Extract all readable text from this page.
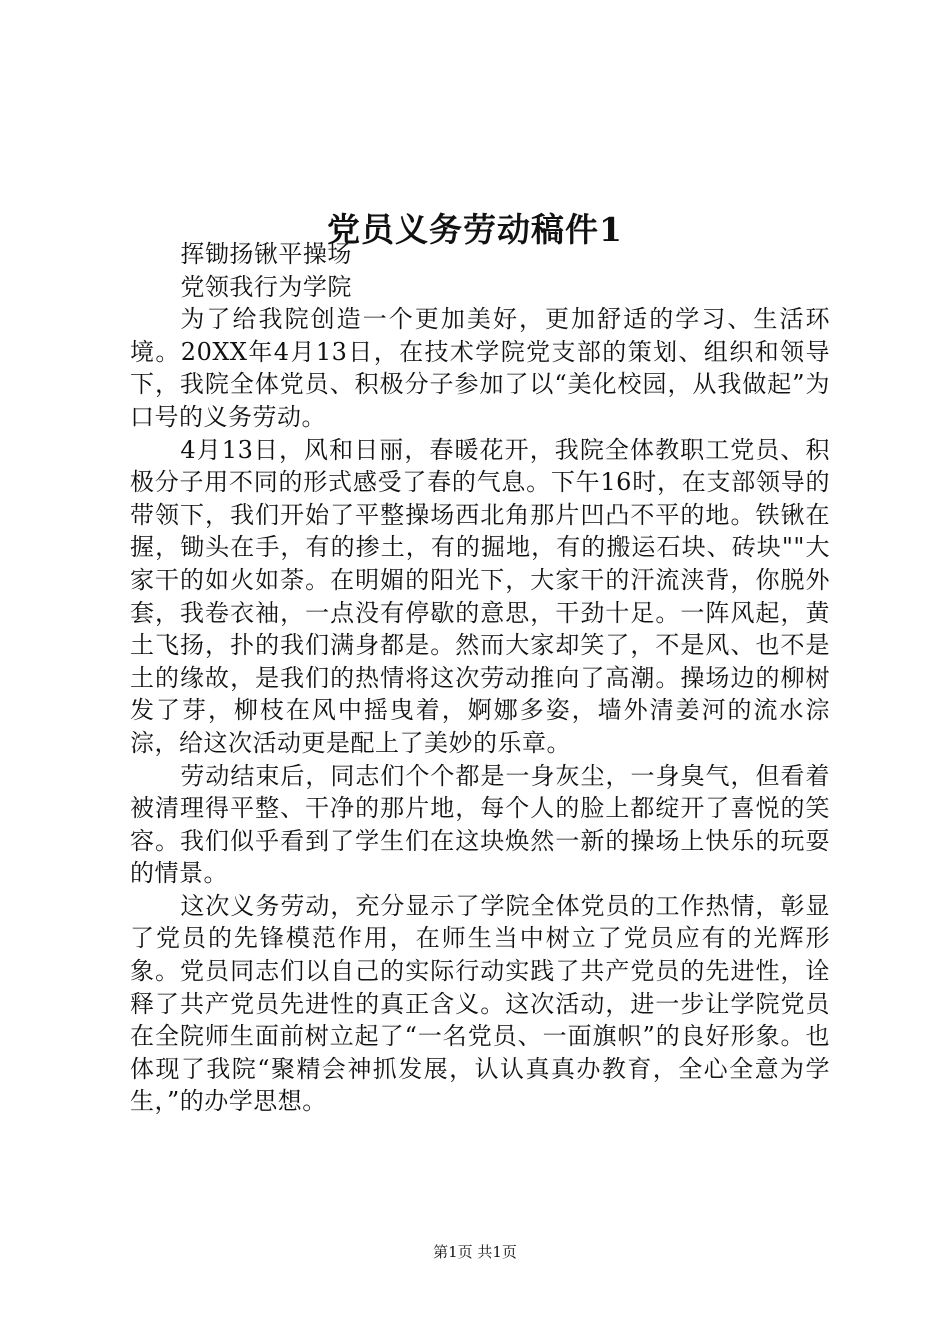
党员义务劳动稿件1

挥锄扬锹平操场

党领我行为学院

为了给我院创造一个更加美好，更加舒适的学习、生活环境。20XX年4月13日，在技术学院党支部的策划、组织和领导下，我院全体党员、积极分子参加了以“美化校园，从我做起”为口号的义务劳动。

4月13日，风和日丽，春暖花开，我院全体教职工党员、积极分子用不同的形式感受了春的气息。下午16时，在支部领导的带领下，我们开始了平整操场西北角那片凹凸不平的地。铁锹在握，锄头在手，有的掺土，有的掘地，有的搬运石块、砖块""大家干的如火如荼。在明媚的阳光下，大家干的汗流浃背，你脱外套，我卷衣袖，一点没有停歇的意思，干劲十足。一阵风起，黄土飞扬，扑的我们满身都是。然而大家却笑了，不是风、也不是土的缘故，是我们的热情将这次劳动推向了高潮。操场边的柳树发了芽，柳枝在风中摇曳着，婀娜多姿，墙外清姜河的流水淙淙，给这次活动更是配上了美妙的乐章。

劳动结束后，同志们个个都是一身灰尘，一身臭气，但看着被清理得平整、干净的那片地，每个人的脸上都绽开了喜悦的笑容。我们似乎看到了学生们在这块焕然一新的操场上快乐的玩耍的情景。

这次义务劳动，充分显示了学院全体党员的工作热情，彰显了党员的先锋模范作用，在师生当中树立了党员应有的光辉形象。党员同志们以自己的实际行动实践了共产党员的先进性，诠释了共产党员先进性的真正含义。这次活动，进一步让学院党员在全院师生面前树立起了“一名党员、一面旗帜”的良好形象。也体现了我院“聚精会神抓发展，认认真真办教育，全心全意为学生，”的办学思想。

第1页 共1页
